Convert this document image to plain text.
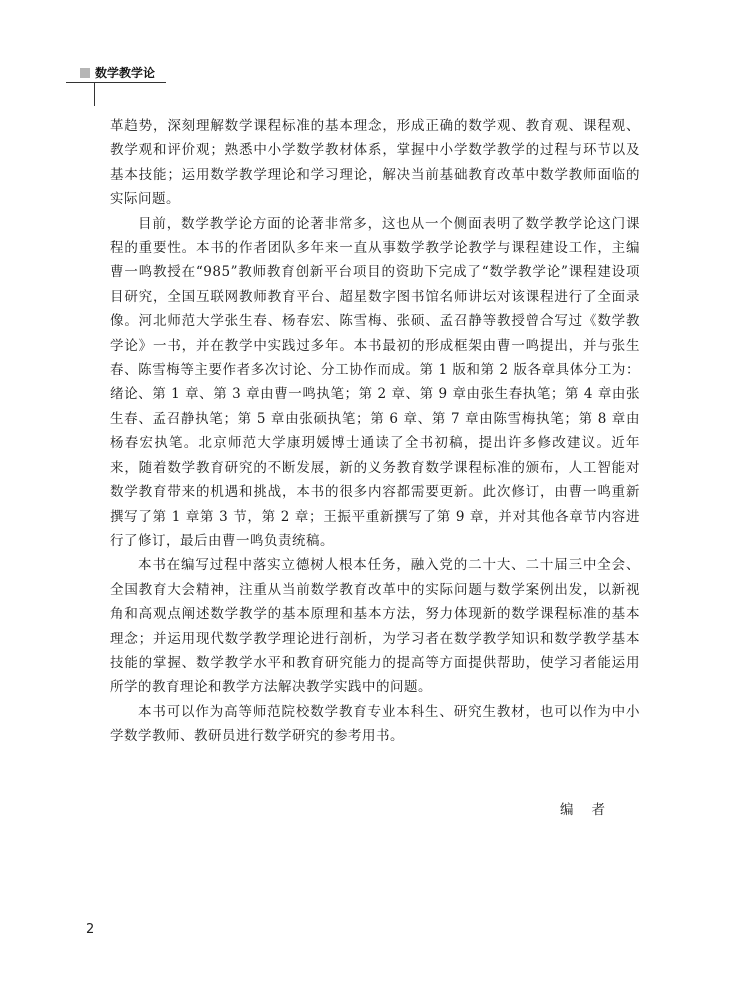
数学教学论

革趋势，深刻理解数学课程标准的基本理念，形成正确的数学观、教育观、课程观、教学观和评价观；熟悉中小学数学教材体系，掌握中小学数学教学的过程与环节以及基本技能；运用数学教学理论和学习理论，解决当前基础教育改革中数学教师面临的实际问题。

目前，数学教学论方面的论著非常多，这也从一个侧面表明了数学教学论这门课程的重要性。本书的作者团队多年来一直从事数学教学论教学与课程建设工作，主编曹一鸣教授在“985”教师教育创新平台项目的资助下完成了“数学教学论”课程建设项目研究，全国互联网教师教育平台、超星数字图书馆名师讲坛对该课程进行了全面录像。河北师范大学张生春、杨春宏、陈雪梅、张硕、孟召静等教授曾合写过《数学教学论》一书，并在教学中实践过多年。本书最初的形成框架由曹一鸣提出，并与张生春、陈雪梅等主要作者多次讨论、分工协作而成。第 1 版和第 2 版各章具体分工为：绪论、第 1 章、第 3 章由曹一鸣执笔；第 2 章、第 9 章由张生春执笔；第 4 章由张生春、孟召静执笔；第 5 章由张硕执笔；第 6 章、第 7 章由陈雪梅执笔；第 8 章由杨春宏执笔。北京师范大学康玥媛博士通读了全书初稿，提出许多修改建议。近年来，随着数学教育研究的不断发展，新的义务教育数学课程标准的颁布，人工智能对数学教育带来的机遇和挑战，本书的很多内容都需要更新。此次修订，由曹一鸣重新撰写了第 1 章第 3 节，第 2 章；王振平重新撰写了第 9 章，并对其他各章节内容进行了修订，最后由曹一鸣负责统稿。

本书在编写过程中落实立德树人根本任务，融入党的二十大、二十届三中全会、全国教育大会精神，注重从当前数学教育改革中的实际问题与数学案例出发，以新视角和高观点阐述数学教学的基本原理和基本方法，努力体现新的数学课程标准的基本理念；并运用现代数学教学理论进行剖析，为学习者在数学教学知识和数学教学基本技能的掌握、数学教学水平和教育研究能力的提高等方面提供帮助，使学习者能运用所学的教育理论和教学方法解决教学实践中的问题。

本书可以作为高等师范院校数学教育专业本科生、研究生教材，也可以作为中小学数学教师、教研员进行数学研究的参考用书。

编者
2
